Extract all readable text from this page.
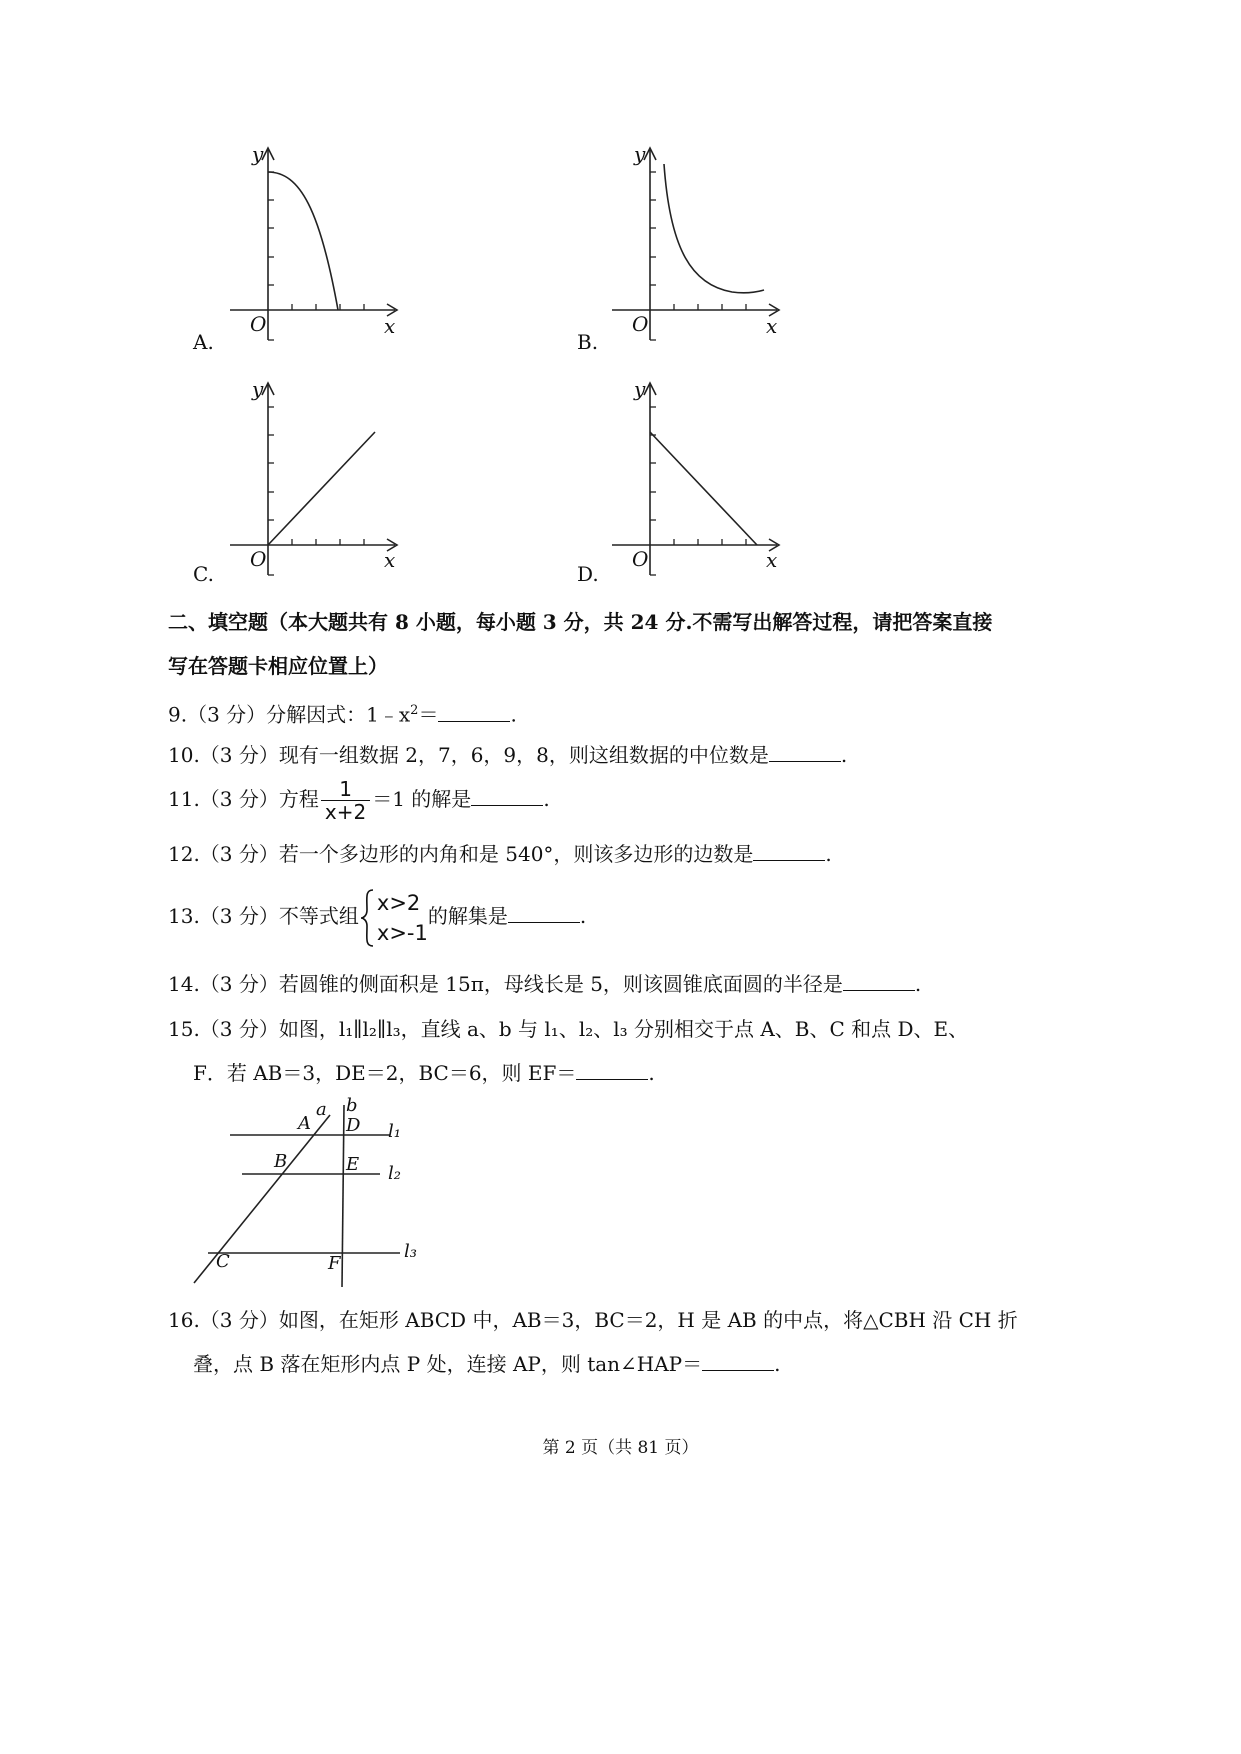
y
O	x
A.
y
O	x
B.
y
O	x
C.
y
O	x
D.
二、填空题（本大题共有 8 小题，每小题 3 分，共 24 分.不需写出解答过程，请把答案直接
写在答题卡相应位置上）
9.（3 分）分解因式：$1﹣x^2=$	.
10.（3 分）现有一组数据 2，7，6，9，8，则这组数据的中位数是	.
11.（3 分）方程 $\frac{1}{x+2} =1$ 的解是	.
12.（3 分）若一个多边形的内角和是 540°，则该多边形的边数是	.
13.（3 分）不等式组
x>2
x>-1
的解集是	.
14.（3 分）若圆锥的侧面积是 15π，母线长是 5，则该圆锥底面圆的半径是	.
15.（3 分）如图，l₁∥l₂∥l₃，直线 a、b 与 l₁、l₂、l₃ 分别相交于点 A、B、C 和点 D、E、
F．若 AB＝3，DE＝2，BC＝6，则 EF＝	.
a b
A D l₁
B	E l₂
C	F
l₃
16.（3 分）如图，在矩形 ABCD 中，AB＝3，BC＝2，H 是 AB 的中点，将△CBH 沿 CH 折
叠，点 B 落在矩形内点 P 处，连接 AP，则 tan∠HAP＝	.
第 2 页（共 81 页）
